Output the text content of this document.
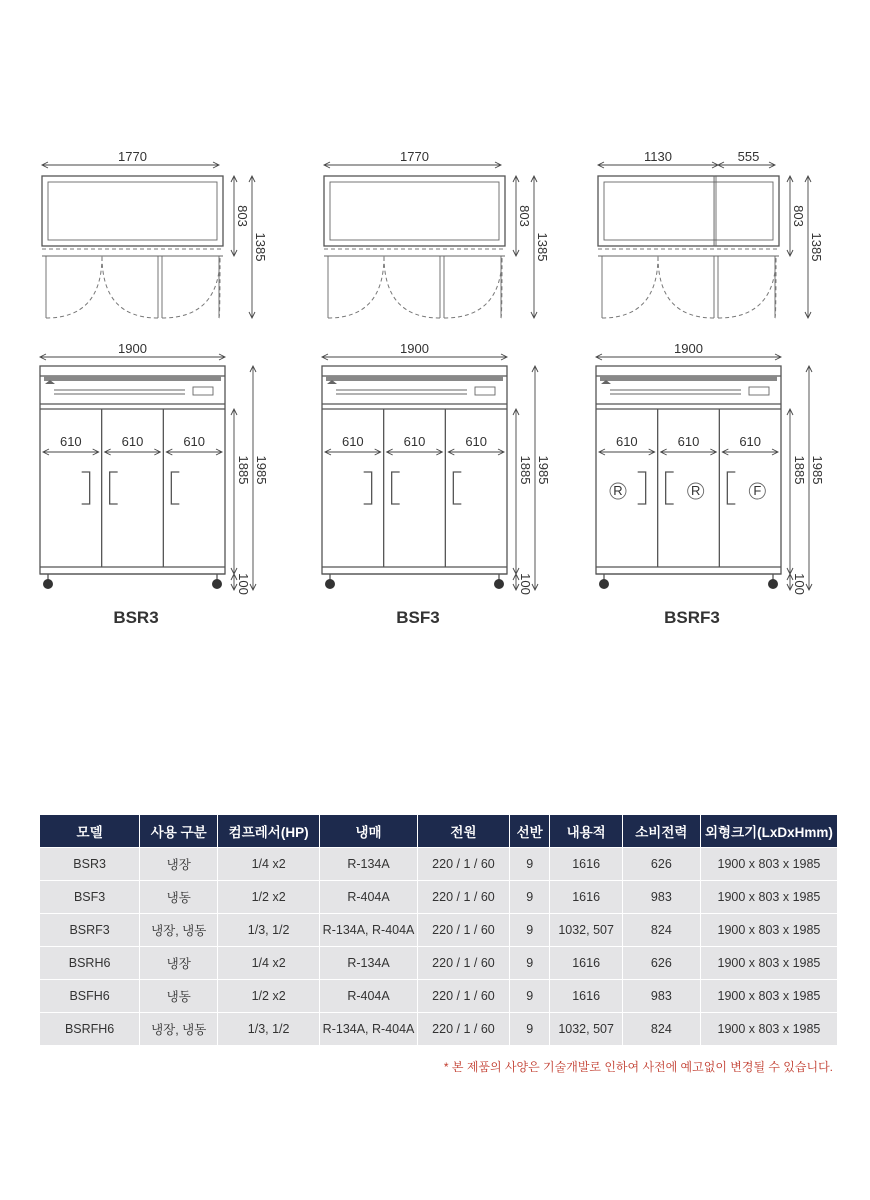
1770
803
1385
1900
610	610	610
1885 1985
100
BSR3
1770
803
1385
1900
610	610	610
1885 1985
100
BSF3
1130	555
803
1385
1900
610	610	610
R	R	F
1885 1985
100
BSRF3
모델	사용 구분	컴프레서(HP)	냉매	전원	선반	내용적	소비전력	외형크기(LxDxHmm)
BSR3	냉장	1/4 x2	R-134A	220 / 1 / 60	9	1616	626	1900 x 803 x 1985
BSF3	냉동	1/2 x2	R-404A	220 / 1 / 60	9	1616	983	1900 x 803 x 1985
BSRF3	냉장, 냉동	1/3, 1/2	R-134A, R-404A	220 / 1 / 60	9	1032, 507	824	1900 x 803 x 1985
BSRH6	냉장	1/4 x2	R-134A	220 / 1 / 60	9	1616	626	1900 x 803 x 1985
BSFH6	냉동	1/2 x2	R-404A	220 / 1 / 60	9	1616	983	1900 x 803 x 1985
BSRFH6	냉장, 냉동	1/3, 1/2	R-134A, R-404A	220 / 1 / 60	9	1032, 507	824	1900 x 803 x 1985
* 본 제품의 사양은 기술개발로 인하여 사전에 예고없이 변경될 수 있습니다.
